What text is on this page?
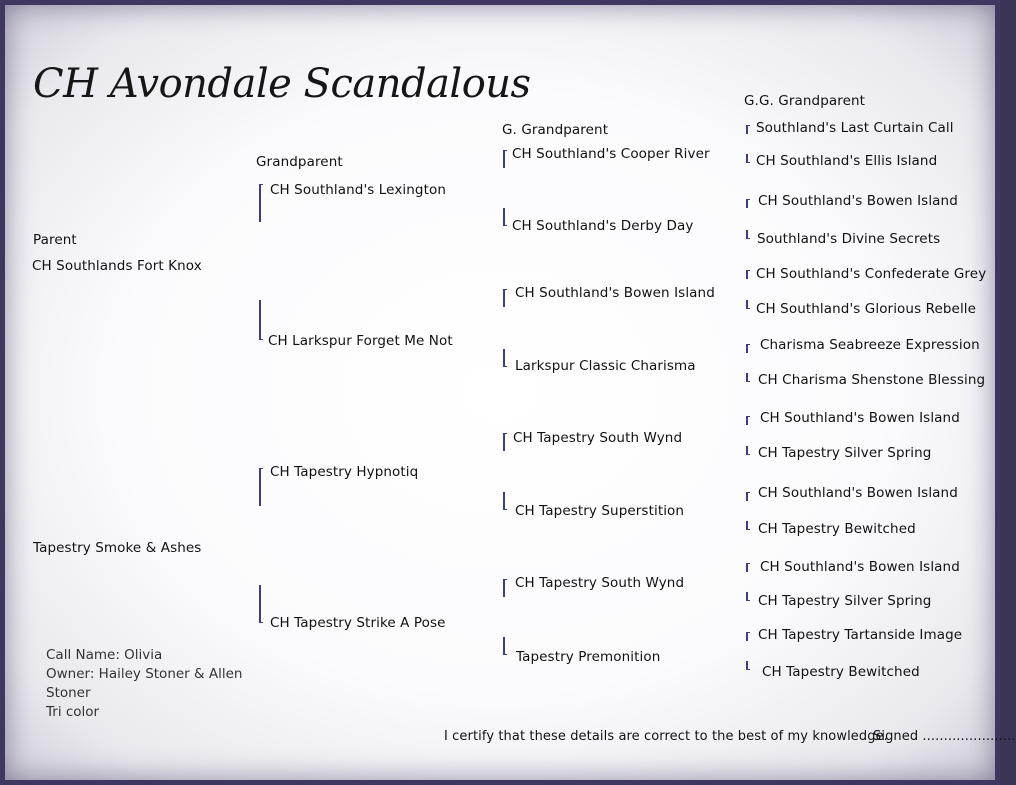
CH Avondale Scandalous
Parent
Grandparent
G. Grandparent
G.G. Grandparent
CH Southlands Fort Knox
Tapestry Smoke & Ashes
CH Southland's Lexington
CH Larkspur Forget Me Not
CH Tapestry Hypnotiq
CH Tapestry Strike A Pose
CH Southland's Cooper River
CH Southland's Derby Day
CH Southland's Bowen Island
Larkspur Classic Charisma
CH Tapestry South Wynd
CH Tapestry Superstition
CH Tapestry South Wynd
Tapestry Premonition
Southland's Last Curtain Call
CH Southland's Ellis Island
CH Southland's Bowen Island
Southland's Divine Secrets
CH Southland's Confederate Grey
CH Southland's Glorious Rebelle
Charisma Seabreeze Expression
CH Charisma Shenstone Blessing
CH Southland's Bowen Island
CH Tapestry Silver Spring
CH Southland's Bowen Island
CH Tapestry Bewitched
CH Southland's Bowen Island
CH Tapestry Silver Spring
CH Tapestry Tartanside Image
CH Tapestry Bewitched
Call Name: Olivia
Owner: Hailey Stoner & Allen
Stoner
Tri color
I certify that these details are correct to the best of my knowledge.
Signed ......................
